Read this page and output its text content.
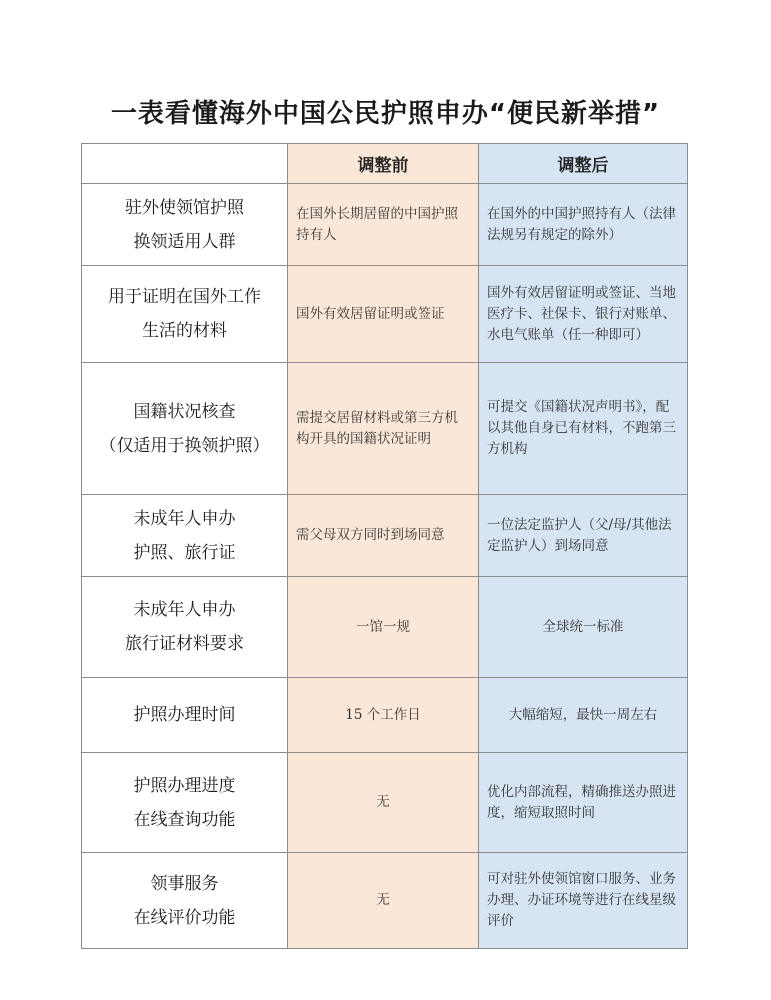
一表看懂海外中国公民护照申办“便民新举措”
	调整前	调整后

驻外使领馆护照
换领适用人群	在国外长期居留的中国护照持有人	在国外的中国护照持有人（法律法规另有规定的除外）

用于证明在国外工作
生活的材料	国外有效居留证明或签证	国外有效居留证明或签证、当地医疗卡、社保卡、银行对账单、水电气账单（任一种即可）

国籍状况核查
（仅适用于换领护照）	需提交居留材料或第三方机构开具的国籍状况证明	可提交《国籍状况声明书》，配以其他自身已有材料，不跑第三方机构

未成年人申办
护照、旅行证	需父母双方同时到场同意	一位法定监护人（父/母/其他法定监护人）到场同意

未成年人申办
旅行证材料要求	一馆一规	全球统一标准

护照办理时间	15 个工作日	大幅缩短，最快一周左右

护照办理进度
在线查询功能	无	优化内部流程，精确推送办照进度，缩短取照时间

领事服务
在线评价功能	无	可对驻外使领馆窗口服务、业务办理、办证环境等进行在线星级评价
